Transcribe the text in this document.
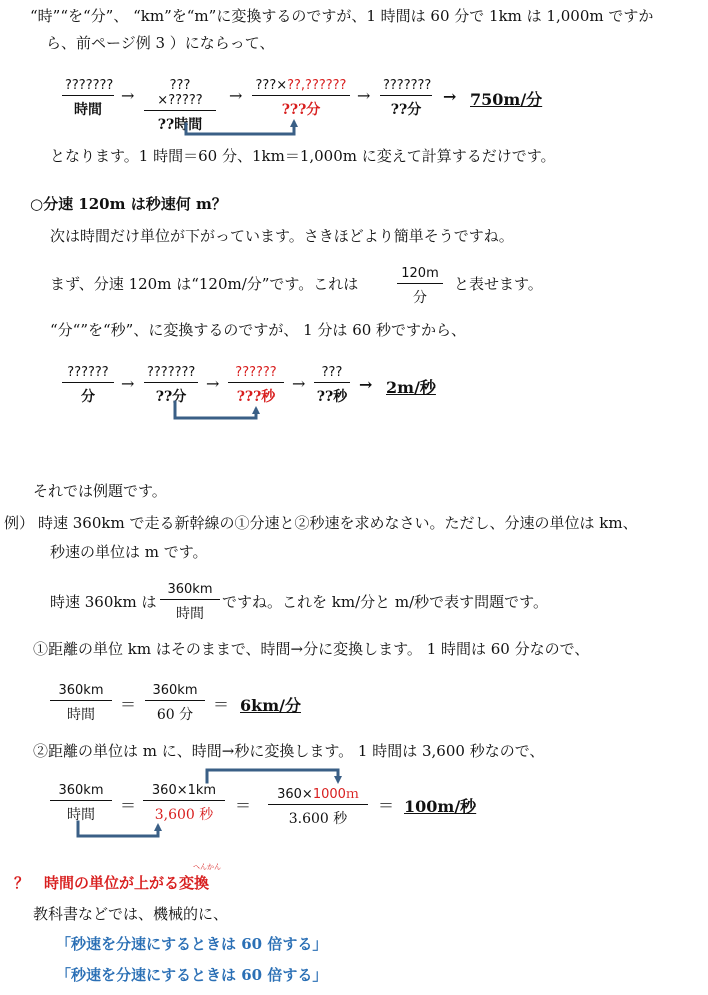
“時”“を“分”、 “km”を“m”に変換するのですが、1 時間は 60 分で 1km は 1,000m ですか
ら、前ページ例 3 ）にならって、
???????
時間
→
???×?????
??時間
→
???×??,??????
???分
→
???????
??分
→ 750m/分
となります。1 時間＝60 分、1km＝1,000m に変えて計算するだけです。
○分速 120m は秒速何 m？
次は時間だけ単位が下がっています。さきほどより簡単そうですね。
まず、分速 120m は“120m/分”です。これは
120m
分
と表せます。
“分“”を“秒”、に変換するのですが、 1 分は 60 秒ですから、
??????
分
→
???????
??分
→
??????
???秒
→
???
??秒
→ 2m/秒
それでは例題です。
例） 時速 360km で走る新幹線の①分速と②秒速を求めなさい。ただし、分速の単位は km、
秒速の単位は m です。
時速 360km は
360km
時間
ですね。これを km/分と m/秒で表す問題です。
①距離の単位 km はそのままで、時間→分に変換します。 1 時間は 60 分なので、
360km
時間
＝
360km
60 分
＝ 6km/分
②距離の単位は m に、時間→秒に変換します。 1 時間は 3,600 秒なので、
360km
時間	＝
360×1km
3,600 秒	＝
360×1000ｍ
3.600 秒
＝ 100m/秒
？ 時間の単位が上がる変換
へんかん
教科書などでは、機械的に、
「秒速を分速にするときは 60 倍する」
「秒速を分速にするときは 60 倍する」
